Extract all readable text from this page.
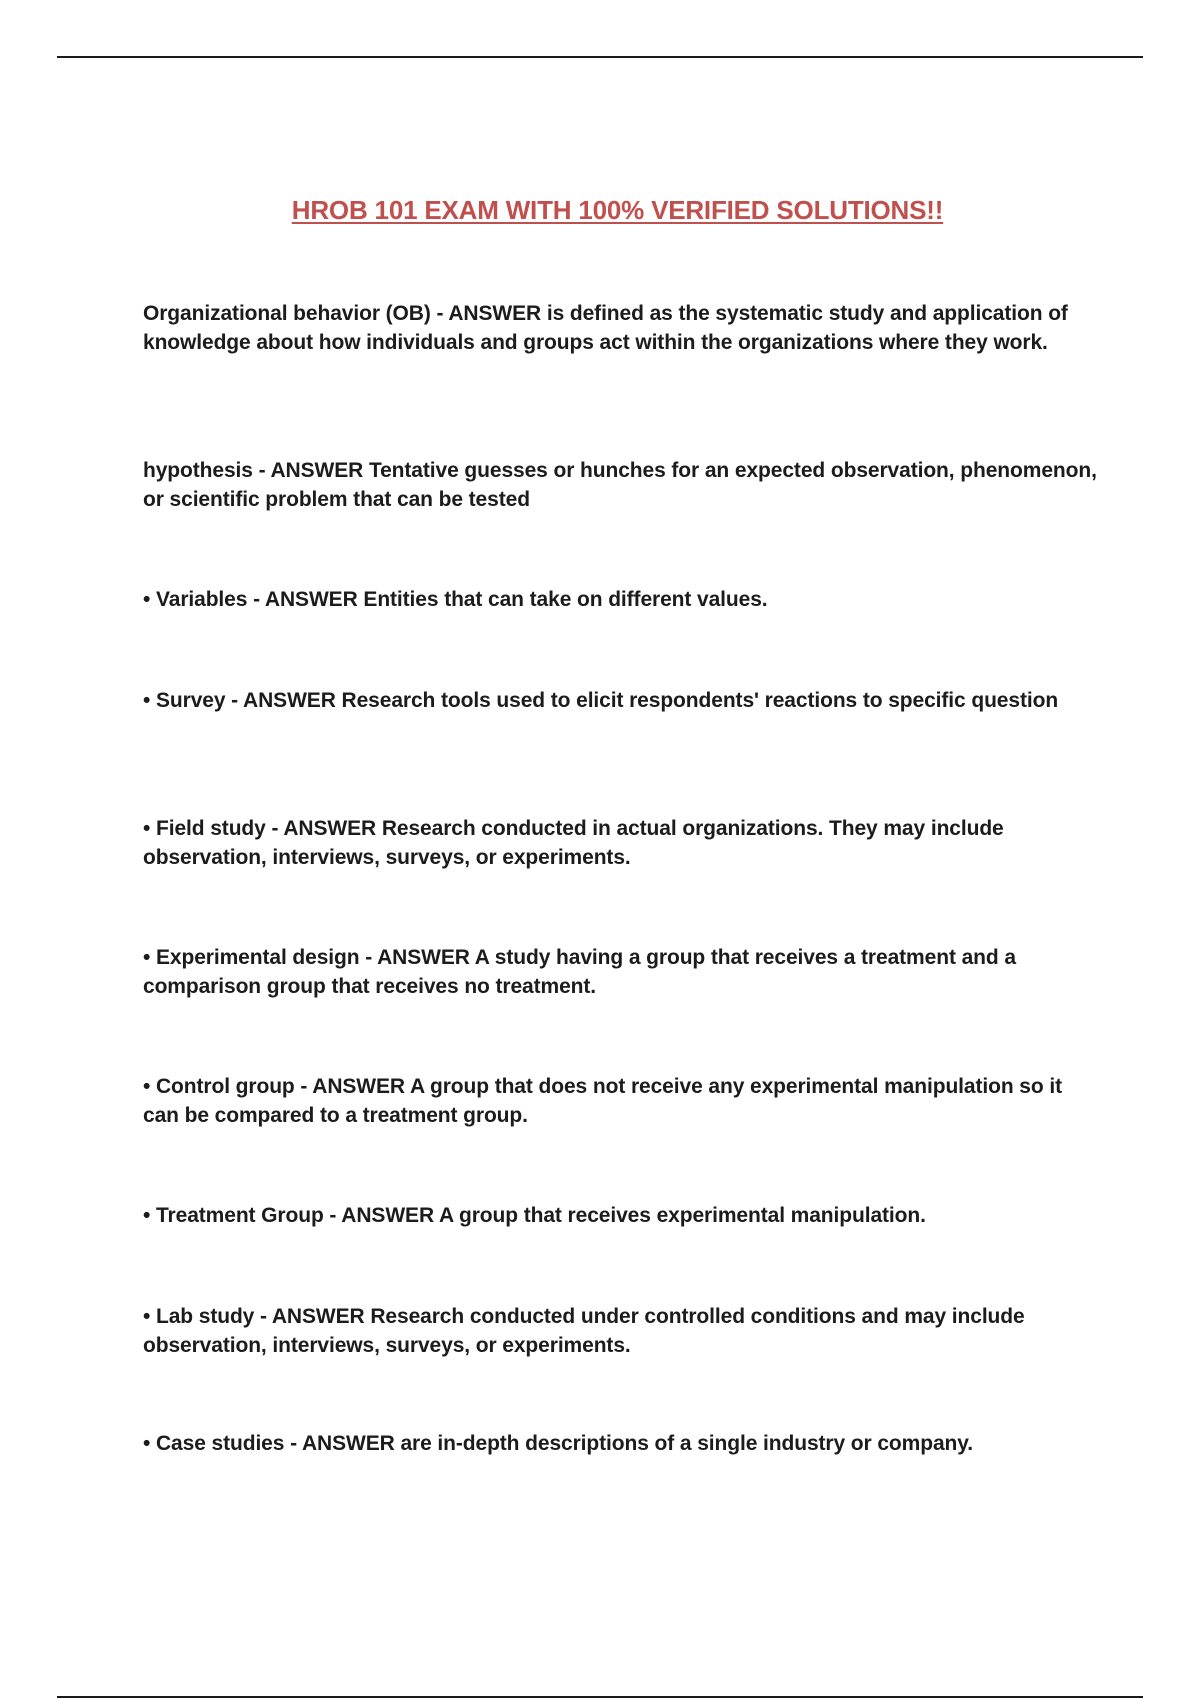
HROB 101 EXAM WITH 100% VERIFIED SOLUTIONS!!
Organizational behavior (OB) - ANSWER is defined as the systematic study and application of knowledge about how individuals and groups act within the organizations where they work.
hypothesis - ANSWER Tentative guesses or hunches for an expected observation, phenomenon, or scientific problem that can be tested
• Variables - ANSWER Entities that can take on different values.
• Survey - ANSWER Research tools used to elicit respondents' reactions to specific question
• Field study - ANSWER Research conducted in actual organizations. They may include observation, interviews, surveys, or experiments.
• Experimental design - ANSWER A study having a group that receives a treatment and a comparison group that receives no treatment.
• Control group - ANSWER A group that does not receive any experimental manipulation so it can be compared to a treatment group.
• Treatment Group - ANSWER A group that receives experimental manipulation.
• Lab study - ANSWER Research conducted under controlled conditions and may include observation, interviews, surveys, or experiments.
• Case studies - ANSWER are in-depth descriptions of a single industry or company.
